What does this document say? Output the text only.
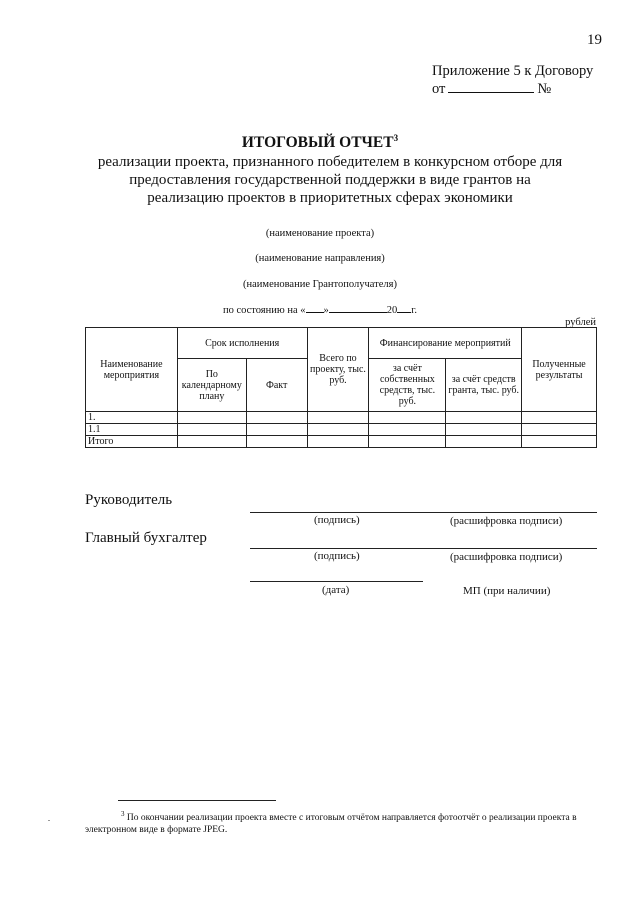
19
Приложение 5 к Договору
от	№
ИТОГОВЫЙ ОТЧЕТ$^3$
реализации проекта, признанного победителем в конкурсном отборе для предоставления государственной поддержки в виде грантов на реализацию проектов в приоритетных сферах экономики
(наименование проекта)
(наименование направления)
(наименование Грантополучателя)
по состоянию на « »	20 г.
рублей
Наименование мероприятия	Срок исполнения		Всего по проекту, тыс. руб.	Финансирование мероприятий		Полученные результаты
	По календарному плану	Факт		за счёт собственных средств, тыс. руб.	за счёт средств гранта, тыс. руб.	
1.						
1.1						
Итого						
Руководитель
(подпись)	(расшифровка подписи)
Главный бухгалтер
(подпись)	(расшифровка подписи)
(дата)	МП (при наличии)
$^3$ По окончании реализации проекта вместе с итоговым отчётом направляется фотоотчёт о реализации проекта в электронном виде в формате JPEG.
